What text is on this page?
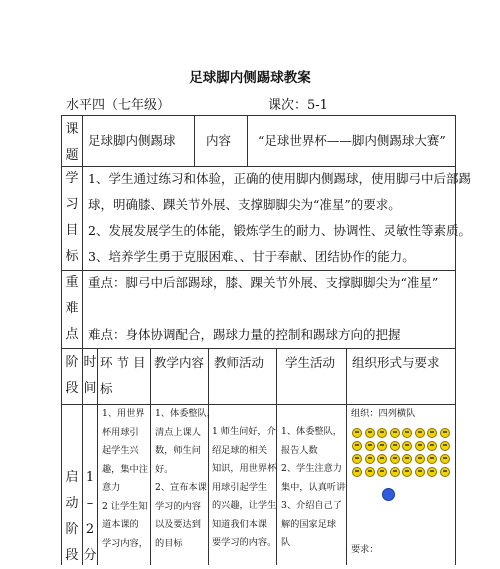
足球脚内侧踢球教案
水平四（七年级）	课次：5-1
课
题
足球脚内侧踢球 内容 “足球世界杯——脚内侧踢球大赛”
学
习
目
标
1、学生通过练习和体验，正确的使用脚内侧踢球，使用脚弓中后部踢
球，明确膝、踝关节外展、支撑脚脚尖为“准星”的要求。
2、发展发展学生的体能，锻炼学生的耐力、协调性、灵敏性等素质。
3、培养学生勇于克服困难、、甘于奉献、团结协作的能力。
重
难
点
重点：脚弓中后部踢球，膝、踝关节外展、支撑脚脚尖为“准星”
难点：身体协调配合，踢球力量的控制和踢球方向的把握
阶
段
时
间
环 节 目
标
教学内容 教师活动 学生活动 组织形式与要求
启
动
阶
段
1
–
2
分
1、用世界
杯用球引
起学生兴
趣，集中注
意力
2 让学生知
道本课的
学习内容，
1、体委整队，
清点上课人
数，师生问
好。
2、宣布本课
学习的内容
以及要达到
的目标
1 师生问好，介
绍足球的相关
知识，用世界杯
用球引起学生
的兴趣，让学生
知道我们本课
要学习的内容。
1、体委整队，
报告人数
2、学生注意力
集中，认真听讲
3、介绍自己了
解的国家足球
队
组织：四列横队
要求：
